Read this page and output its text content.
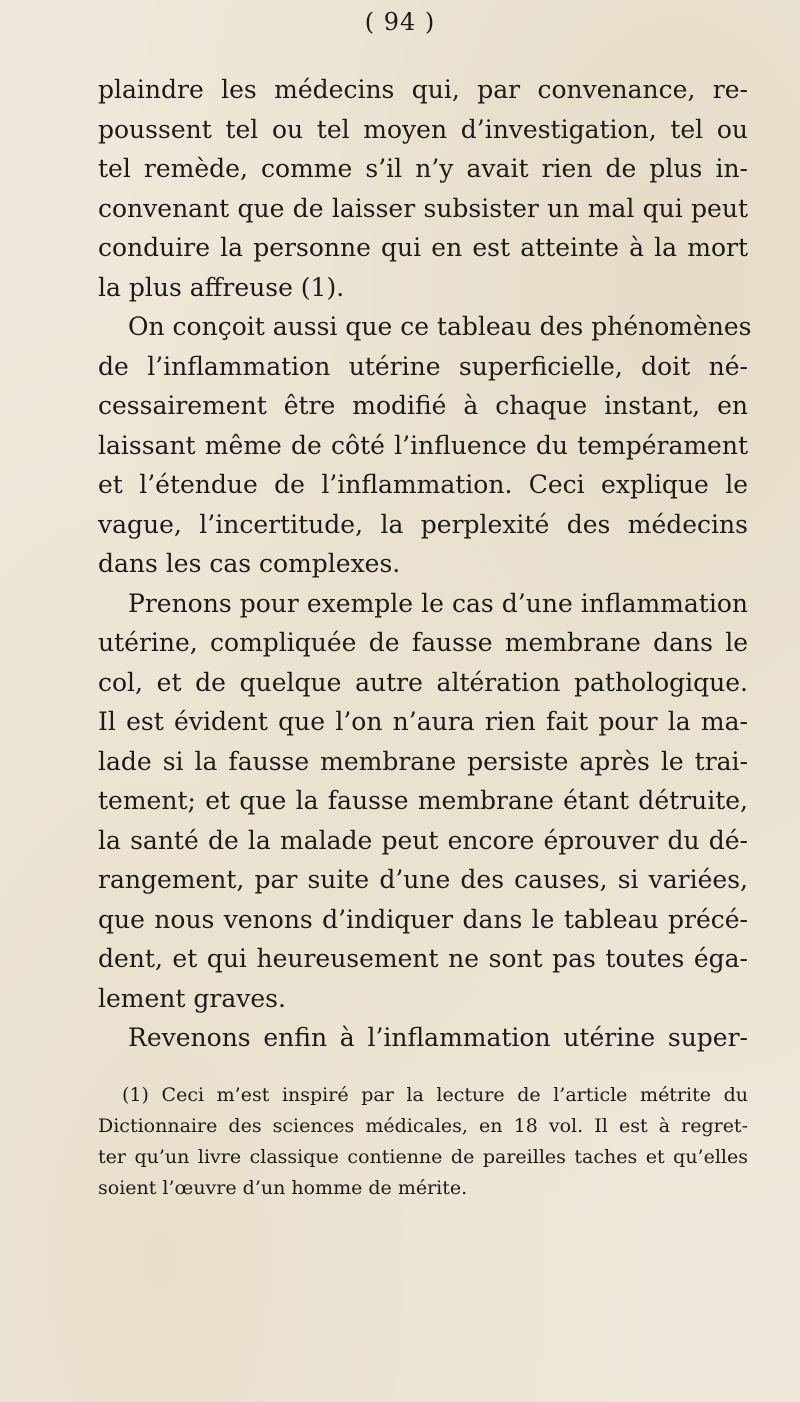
( 94 )
plaindre les médecins qui, par convenance, re-
poussent tel ou tel moyen d’investigation, tel ou
tel remède, comme s’il n’y avait rien de plus in-
convenant que de laisser subsister un mal qui peut
conduire la personne qui en est atteinte à la mort
la plus affreuse (1).
On conçoit aussi que ce tableau des phénomènes
de l’inflammation utérine superficielle, doit né-
cessairement être modifié à chaque instant, en
laissant même de côté l’influence du tempérament
et l’étendue de l’inflammation. Ceci explique le
vague, l’incertitude, la perplexité des médecins
dans les cas complexes.
Prenons pour exemple le cas d’une inflammation
utérine, compliquée de fausse membrane dans le
col, et de quelque autre altération pathologique.
Il est évident que l’on n’aura rien fait pour la ma-
lade si la fausse membrane persiste après le trai-
tement; et que la fausse membrane étant détruite,
la santé de la malade peut encore éprouver du dé-
rangement, par suite d’une des causes, si variées,
que nous venons d’indiquer dans le tableau précé-
dent, et qui heureusement ne sont pas toutes éga-
lement graves.
Revenons enfin à l’inflammation utérine super-
(1) Ceci m’est inspiré par la lecture de l’article métrite du
Dictionnaire des sciences médicales, en 18 vol. Il est à regret-
ter qu’un livre classique contienne de pareilles taches et qu’elles
soient l’œuvre d’un homme de mérite.
